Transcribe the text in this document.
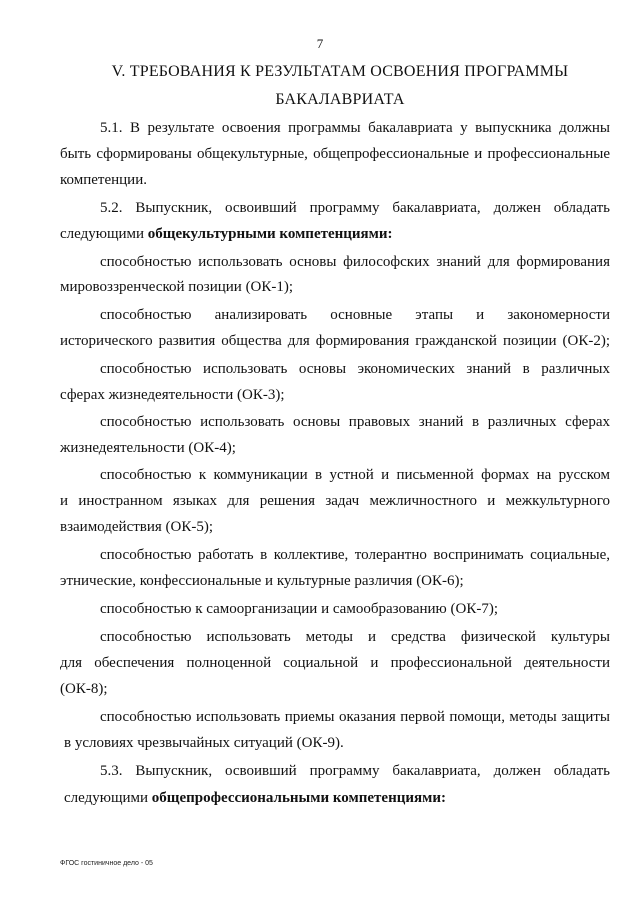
7
V. ТРЕБОВАНИЯ К РЕЗУЛЬТАТАМ ОСВОЕНИЯ ПРОГРАММЫ
БАКАЛАВРИАТА
5.1. В результате освоения программы бакалавриата у выпускника должны
быть сформированы общекультурные, общепрофессиональные и профессиональные
компетенции.
5.2. Выпускник, освоивший программу бакалавриата, должен обладать
следующими общекультурными компетенциями:
способностью использовать основы философских знаний для формирования
мировоззренческой позиции (ОК-1);
способностью анализировать основные этапы и закономерности
исторического развития общества для формирования гражданской позиции (ОК-2);
способностью использовать основы экономических знаний в различных
сферах жизнедеятельности (ОК-3);
способностью использовать основы правовых знаний в различных сферах
жизнедеятельности (ОК-4);
способностью к коммуникации в устной и письменной формах на русском
и иностранном языках для решения задач межличностного и межкультурного
взаимодействия (ОК-5);
способностью работать в коллективе, толерантно воспринимать социальные,
этнические, конфессиональные и культурные различия (ОК-6);
способностью к самоорганизации и самообразованию (ОК-7);
способностью использовать методы и средства физической культуры
для обеспечения полноценной социальной и профессиональной деятельности
(ОК-8);
способностью использовать приемы оказания первой помощи, методы защиты
в условиях чрезвычайных ситуаций (ОК-9).
5.3. Выпускник, освоивший программу бакалавриата, должен обладать
следующими общепрофессиональными компетенциями:
ФГОС гостиничное дело - 05
